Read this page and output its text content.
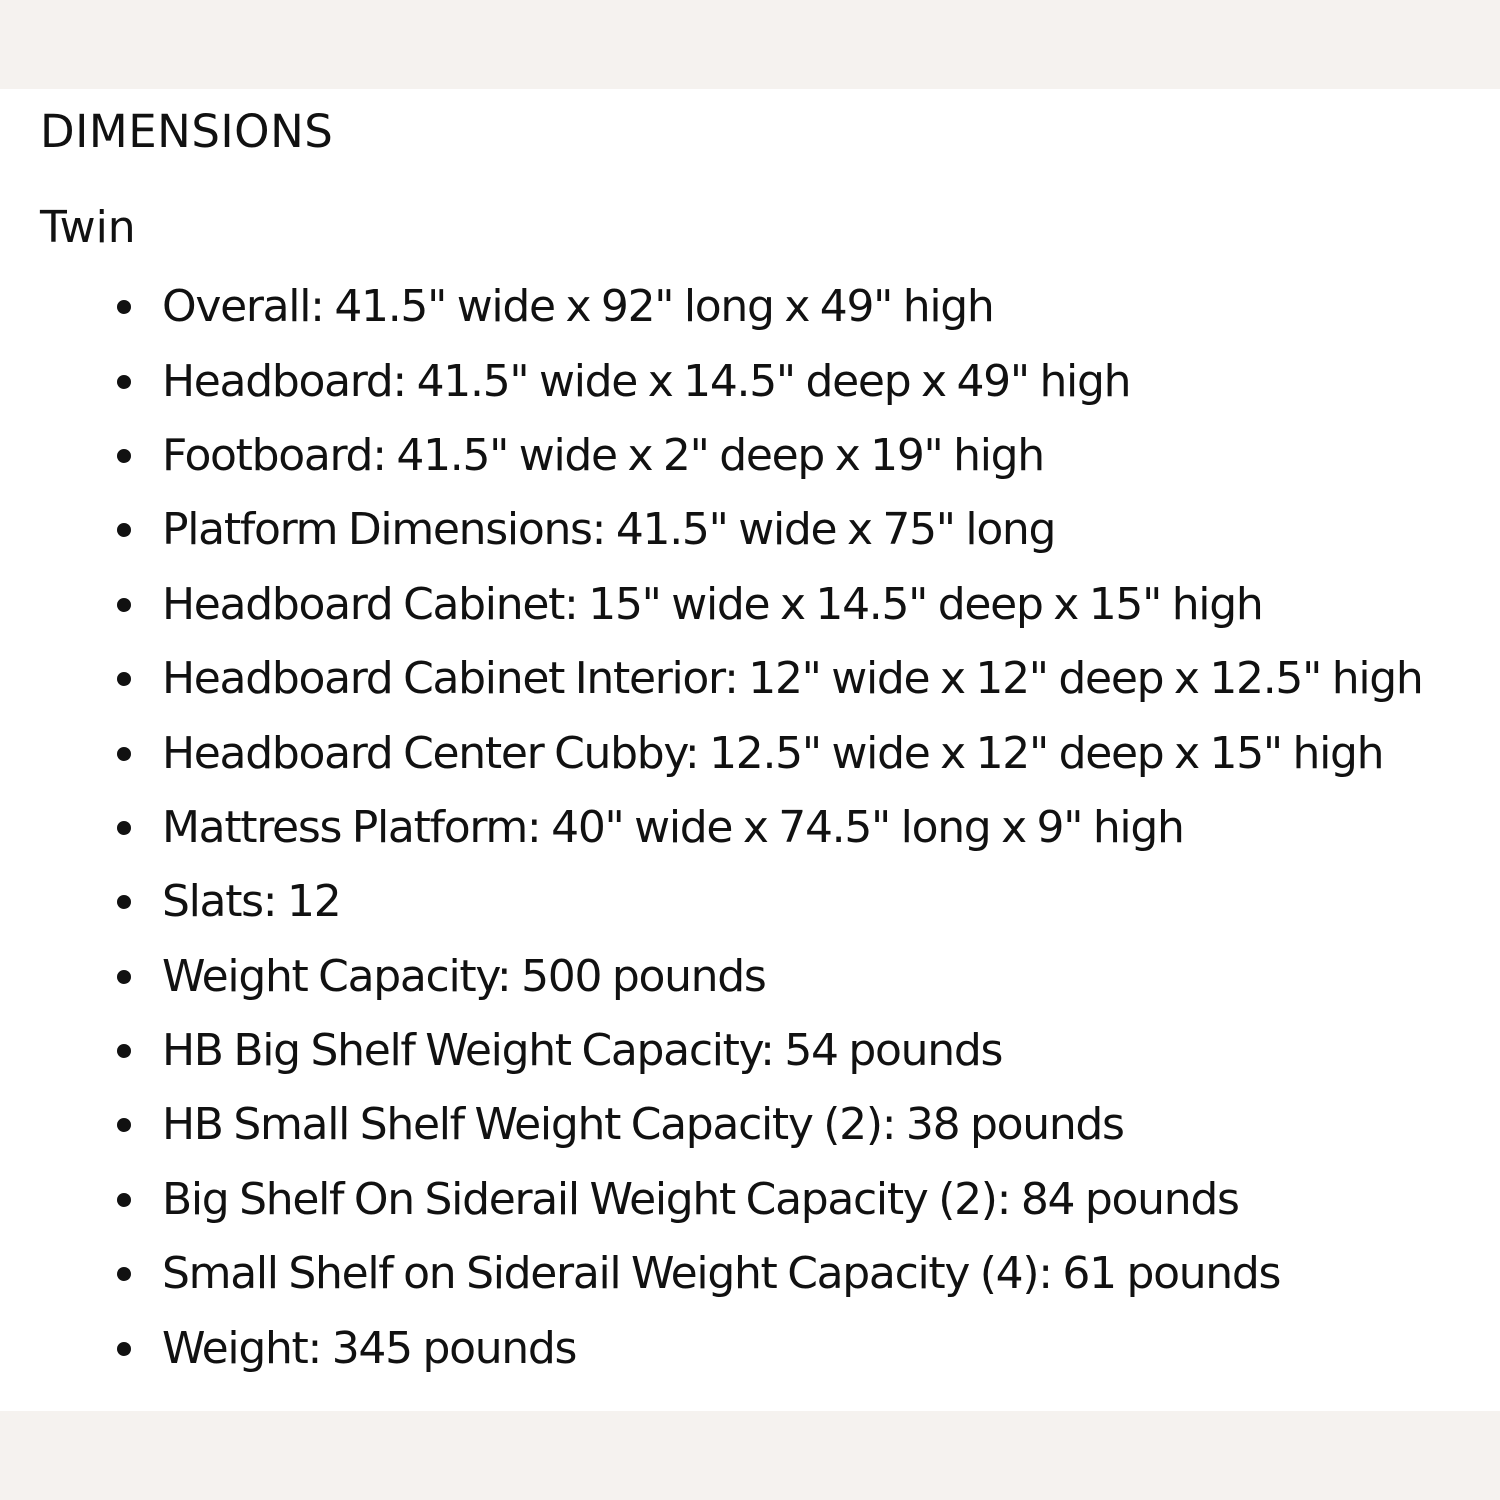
DIMENSIONS

Twin

Overall: 41.5" wide x 92" long x 49" high
Headboard: 41.5" wide x 14.5" deep x 49" high
Footboard: 41.5" wide x 2" deep x 19" high
Platform Dimensions: 41.5" wide x 75" long
Headboard Cabinet: 15" wide x 14.5" deep x 15" high
Headboard Cabinet Interior: 12" wide x 12" deep x 12.5" high
Headboard Center Cubby: 12.5" wide x 12" deep x 15" high
Mattress Platform: 40" wide x 74.5" long x 9" high
Slats: 12
Weight Capacity: 500 pounds
HB Big Shelf Weight Capacity: 54 pounds
HB Small Shelf Weight Capacity (2): 38 pounds
Big Shelf On Siderail Weight Capacity (2): 84 pounds
Small Shelf on Siderail Weight Capacity (4): 61 pounds
Weight: 345 pounds
